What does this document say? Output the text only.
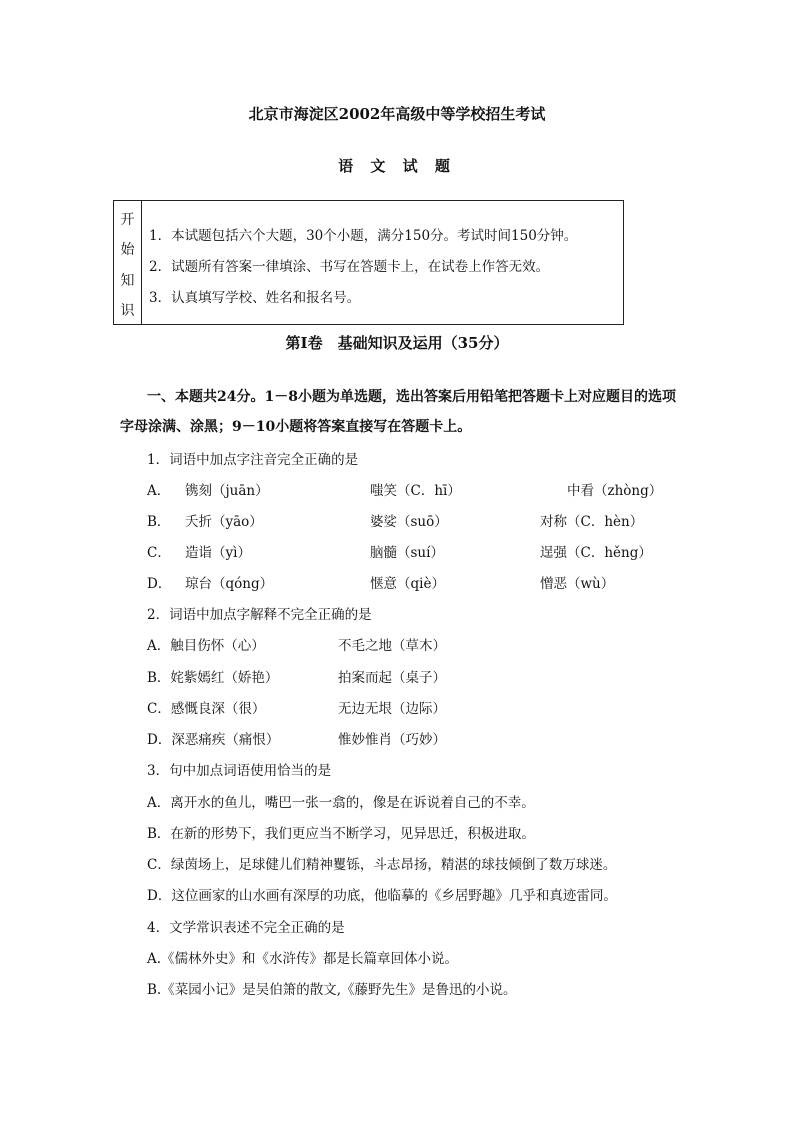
北京市海淀区2002年高级中等学校招生考试
语 文 试 题
开
始
知
识
1．本试题包括六个大题，30个小题，满分150分。考试时间150分钟。
2．试题所有答案一律填涂、书写在答题卡上，在试卷上作答无效。
3．认真填写学校、姓名和报名号。
第Ⅰ卷　基础知识及运用（35分）
一、本题共24分。1－8小题为单选题，选出答案后用铅笔把答题卡上对应题目的选项
字母涂满、涂黑；9－10小题将答案直接写在答题卡上。
1．词语中加点字注音完全正确的是
A． 镌刻（juān）	嗤笑（C．hī）	中看（zhòng）
B． 夭折（yāo）	婆娑（suō）	对称（C．hèn）
C． 造诣（yì）	脑髓（suí）	逞强（C．hěng）
D． 琼台（qóng）	惬意（qiè）	憎恶（wù）
2．词语中加点字解释不完全正确的是
A．触目伤怀（心）	不毛之地（草木）
B．姹紫嫣红（娇艳）	拍案而起（桌子）
C．感慨良深（很）	无边无垠（边际）
D．深恶痛疾（痛恨）	惟妙惟肖（巧妙）
3．句中加点词语使用恰当的是
A．离开水的鱼儿，嘴巴一张一翕的，像是在诉说着自己的不幸。
B．在新的形势下，我们更应当不断学习，见异思迁，积极进取。
C．绿茵场上，足球健儿们精神矍铄，斗志昂扬，精湛的球技倾倒了数万球迷。
D．这位画家的山水画有深厚的功底，他临摹的《乡居野趣》几乎和真迹雷同。
4．文学常识表述不完全正确的是
A.《儒林外史》和《水浒传》都是长篇章回体小说。
B.《菜园小记》是吴伯箫的散文,《藤野先生》是鲁迅的小说。
